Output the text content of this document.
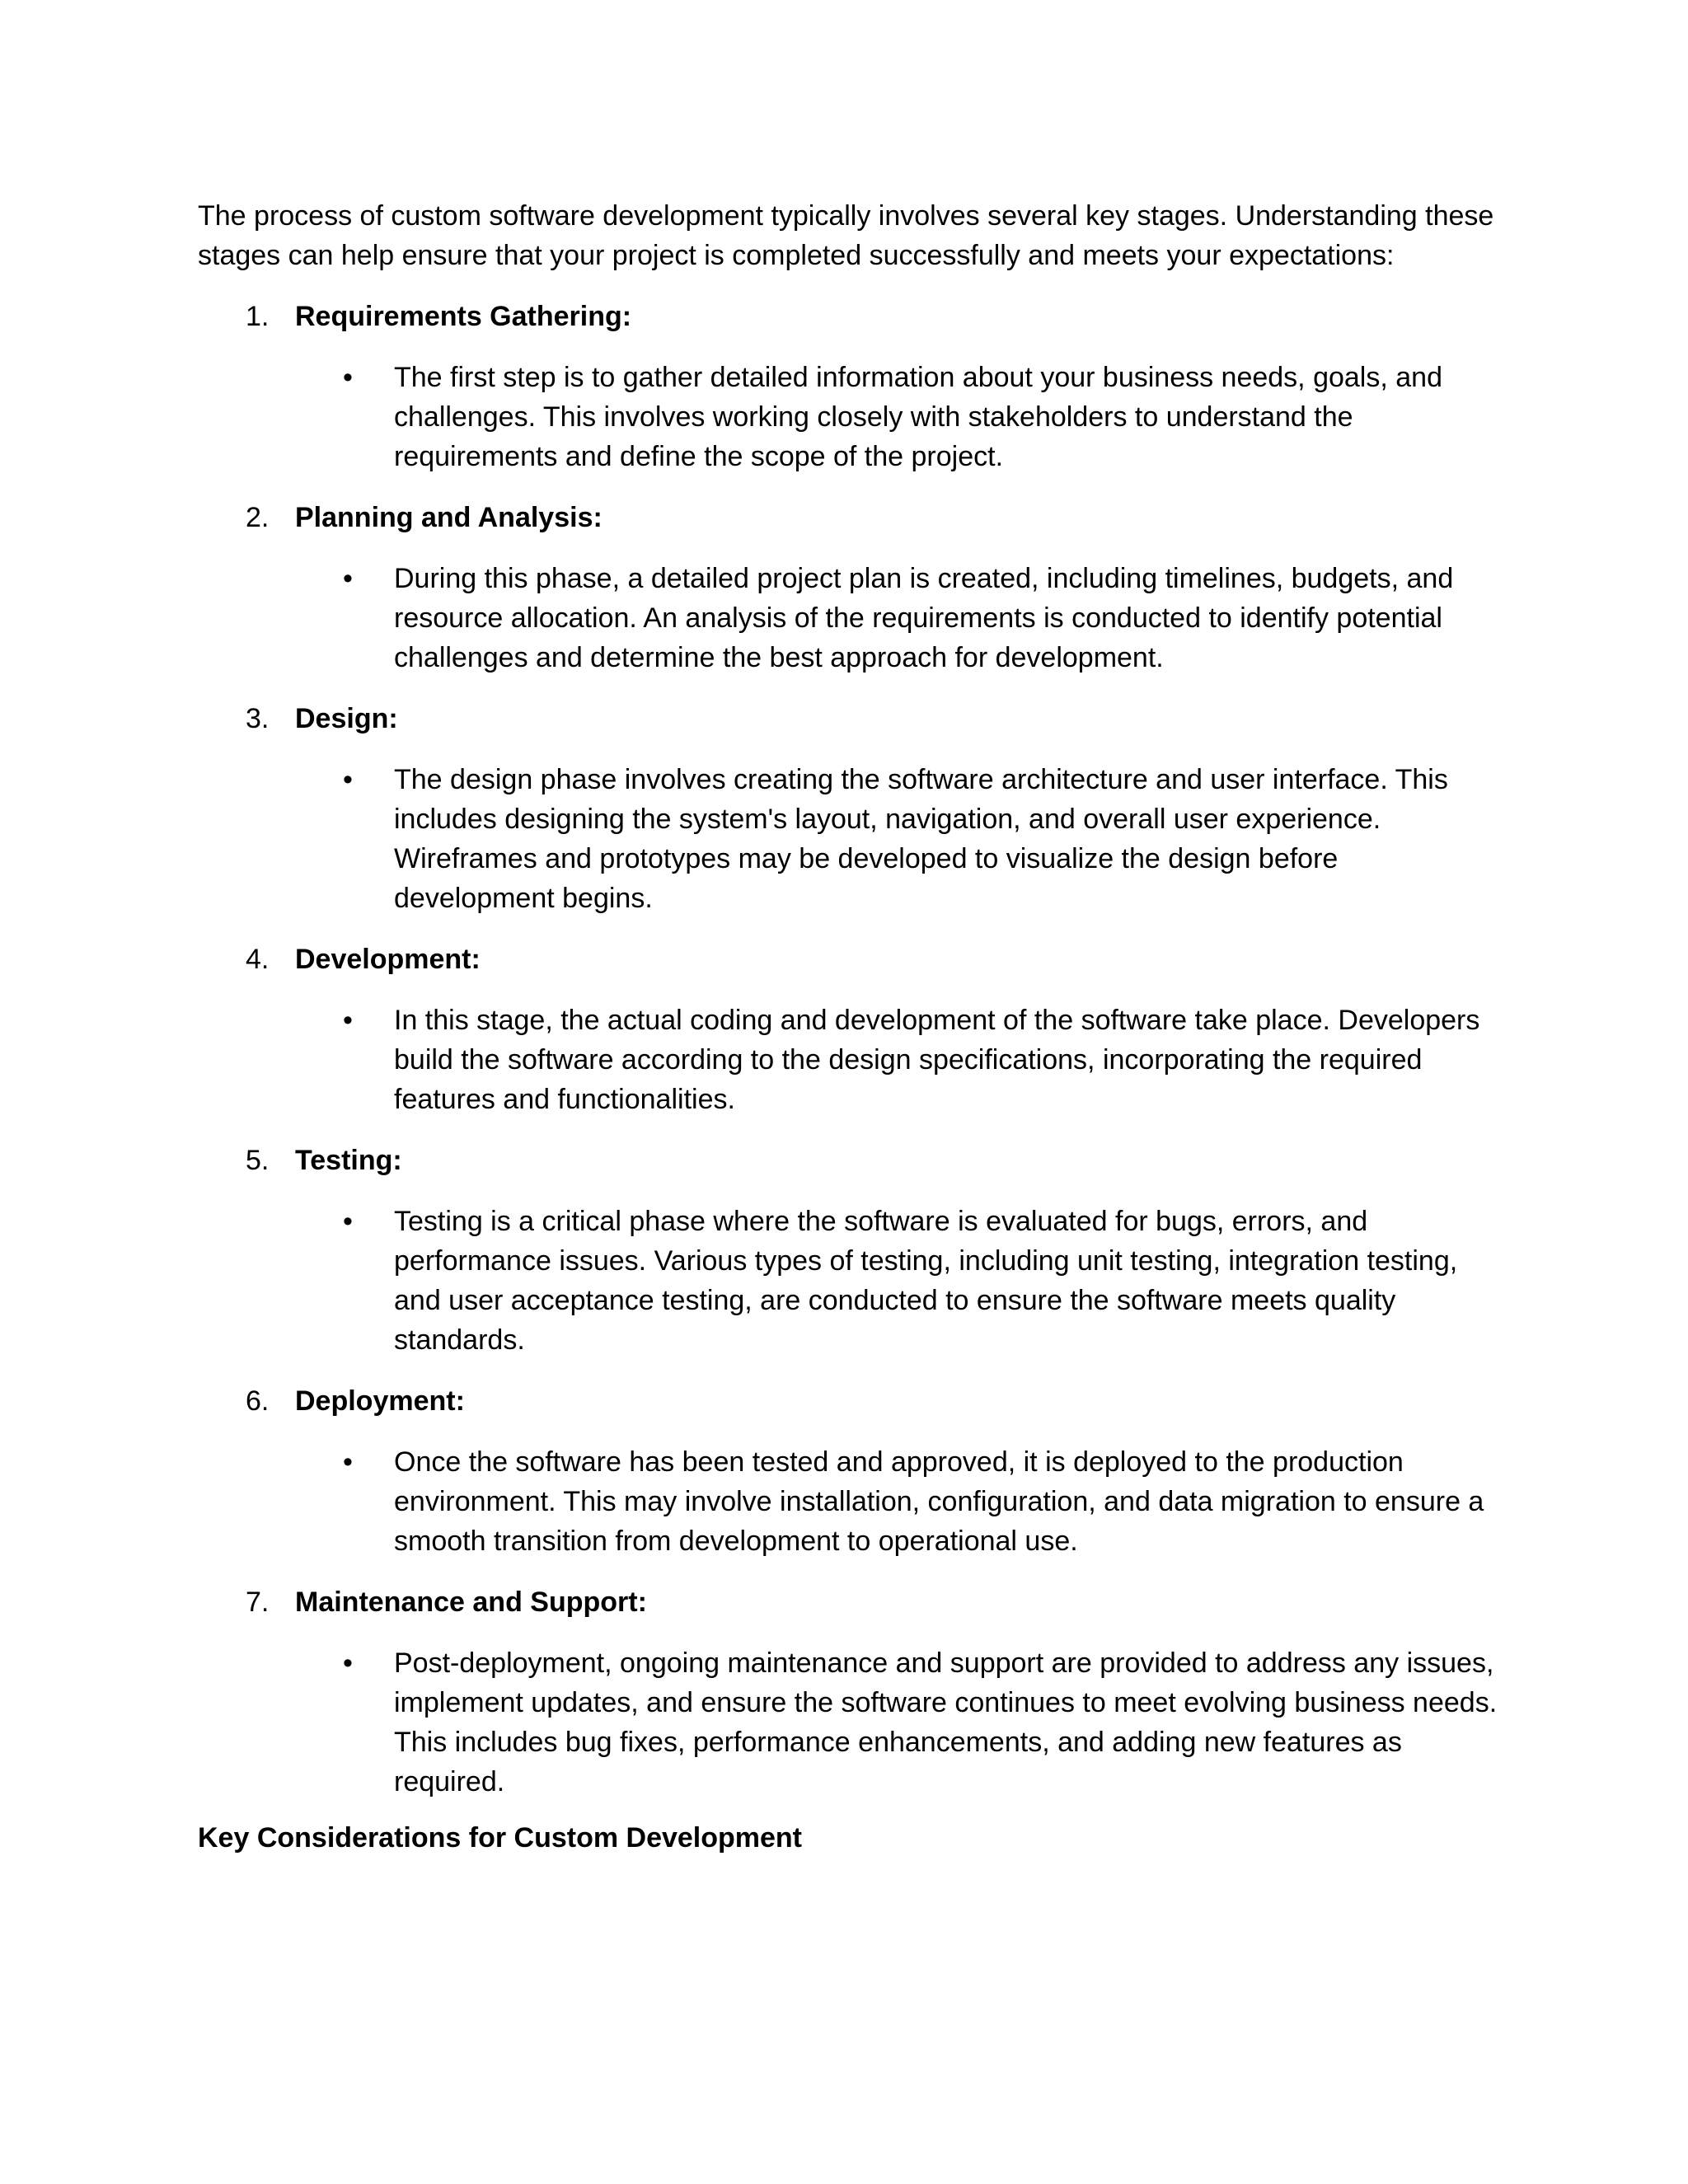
The process of custom software development typically involves several key stages. Understanding these stages can help ensure that your project is completed successfully and meets your expectations:

1. Requirements Gathering:
• The first step is to gather detailed information about your business needs, goals, and challenges. This involves working closely with stakeholders to understand the requirements and define the scope of the project.

2. Planning and Analysis:
• During this phase, a detailed project plan is created, including timelines, budgets, and resource allocation. An analysis of the requirements is conducted to identify potential challenges and determine the best approach for development.

3. Design:
• The design phase involves creating the software architecture and user interface. This includes designing the system's layout, navigation, and overall user experience. Wireframes and prototypes may be developed to visualize the design before development begins.

4. Development:
• In this stage, the actual coding and development of the software take place. Developers build the software according to the design specifications, incorporating the required features and functionalities.

5. Testing:
• Testing is a critical phase where the software is evaluated for bugs, errors, and performance issues. Various types of testing, including unit testing, integration testing, and user acceptance testing, are conducted to ensure the software meets quality standards.

6. Deployment:
• Once the software has been tested and approved, it is deployed to the production environment. This may involve installation, configuration, and data migration to ensure a smooth transition from development to operational use.

7. Maintenance and Support:
• Post-deployment, ongoing maintenance and support are provided to address any issues, implement updates, and ensure the software continues to meet evolving business needs. This includes bug fixes, performance enhancements, and adding new features as required.

Key Considerations for Custom Development
